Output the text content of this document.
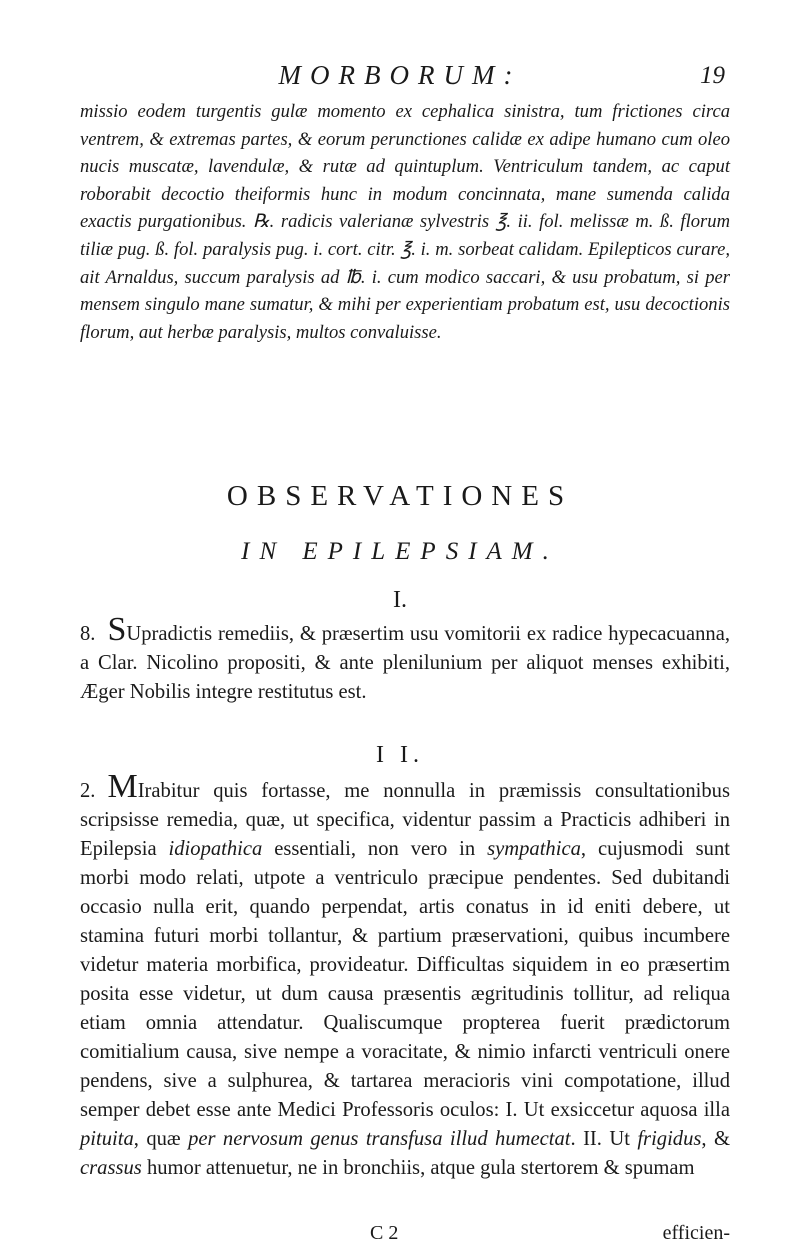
MORBORUM:	19

missio eodem turgentis gulæ momento ex cephalica sinistra, tum frictiones circa ventrem, & extremas partes, & eorum perunctiones calidæ ex adipe humano cum oleo nucis muscatæ, lavendulæ, & rutæ ad quintuplum. Ventriculum tandem, ac caput roborabit decoctio theiformis hunc in modum concinnata, mane sumenda calida exactis purgationibus. ℞. radicis valerianæ sylvestris ℥. ii. fol. melissæ m. ß. florum tiliæ pug. ß. fol. paralysis pug. i. cort. citr. ℥. i. m. sorbeat calidam. Epilepticos curare, ait Arnaldus, succum paralysis ad ℔. i. cum modico saccari, & usu probatum, si per mensem singulo mane sumatur, & mihi per experientiam probatum est, usu decoctionis florum, aut herbæ paralysis, multos convaluisse.

OBSERVATIONES
IN EPILEPSIAM.
I.

8. SUpradictis remediis, & præsertim usu vomitorii ex radice hypecacuanna, a Clar. Nicolino propositi, & ante plenilunium per aliquot menses exhibiti, Æger Nobilis integre restitutus est.

I I.

2. MIrabitur quis fortasse, me nonnulla in præmissis consultationibus scripsisse remedia, quæ, ut specifica, videntur passim a Practicis adhiberi in Epilepsia idiopathica essentiali, non vero in sympathica, cujusmodi sunt morbi modo relati, utpote a ventriculo præcipue pendentes. Sed dubitandi occasio nulla erit, quando perpendat, artis conatus in id eniti debere, ut stamina futuri morbi tollantur, & partium præservationi, quibus incumbere videtur materia morbifica, provideatur. Difficultas siquidem in eo præsertim posita esse videtur, ut dum causa præsentis ægritudinis tollitur, ad reliqua etiam omnia attendatur. Qualiscumque propterea fuerit prædictorum comitialium causa, sive nempe a voracitate, & nimio infarcti ventriculi onere pendens, sive a sulphurea, & tartarea meracioris vini compotatione, illud semper debet esse ante Medici Professoris oculos: I. Ut exsiccetur aquosa illa pituita, quæ per nervosum genus transfusa illud humectat. II. Ut frigidus, & crassus humor attenuetur, ne in bronchiis, atque gula stertorem & spumam

C 2	efficien-
